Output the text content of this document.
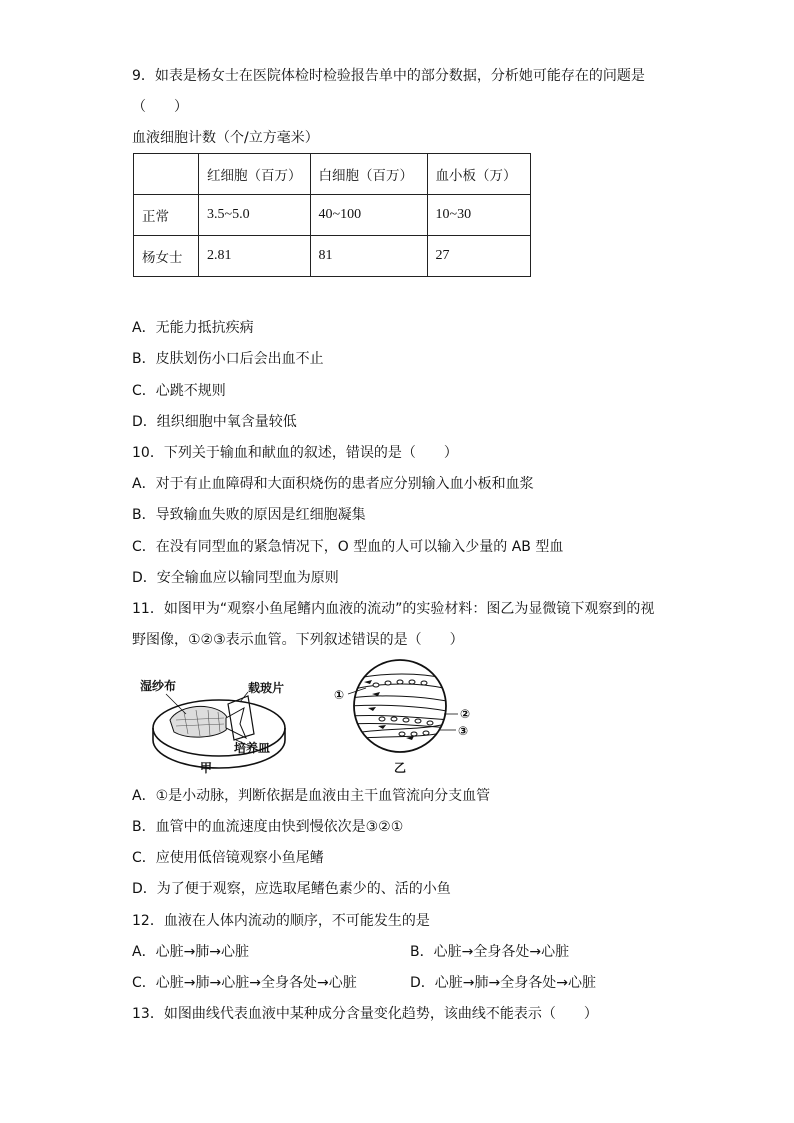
9．如表是杨女士在医院体检时检验报告单中的部分数据，分析她可能存在的问题是
（　　）
血液细胞计数（个/立方毫米）
	红细胞（百万）	白细胞（百万）	血小板（万）
正常	3.5~5.0	40~100	10~30
杨女士	2.81	81	27
A．无能力抵抗疾病
B．皮肤划伤小口后会出血不止
C．心跳不规则
D．组织细胞中氧含量较低
10．下列关于输血和献血的叙述，错误的是（　　）
A．对于有止血障碍和大面积烧伤的患者应分别输入血小板和血浆
B．导致输血失败的原因是红细胞凝集
C．在没有同型血的紧急情况下，O 型血的人可以输入少量的 AB 型血
D．安全输血应以输同型血为原则
11．如图甲为“观察小鱼尾鳍内血液的流动”的实验材料：图乙为显微镜下观察到的视
野图像，①②③表示血管。下列叙述错误的是（　　）
湿纱布	载玻片
培养皿
甲
①
②
③
乙
A．①是小动脉，判断依据是血液由主干血管流向分支血管
B．血管中的血流速度由快到慢依次是③②①
C．应使用低倍镜观察小鱼尾鳍
D．为了便于观察，应选取尾鳍色素少的、活的小鱼
12．血液在人体内流动的顺序，不可能发生的是
A．心脏→肺→心脏	B．心脏→全身各处→心脏
C．心脏→肺→心脏→全身各处→心脏	D．心脏→肺→全身各处→心脏
13．如图曲线代表血液中某种成分含量变化趋势，该曲线不能表示（　　）
